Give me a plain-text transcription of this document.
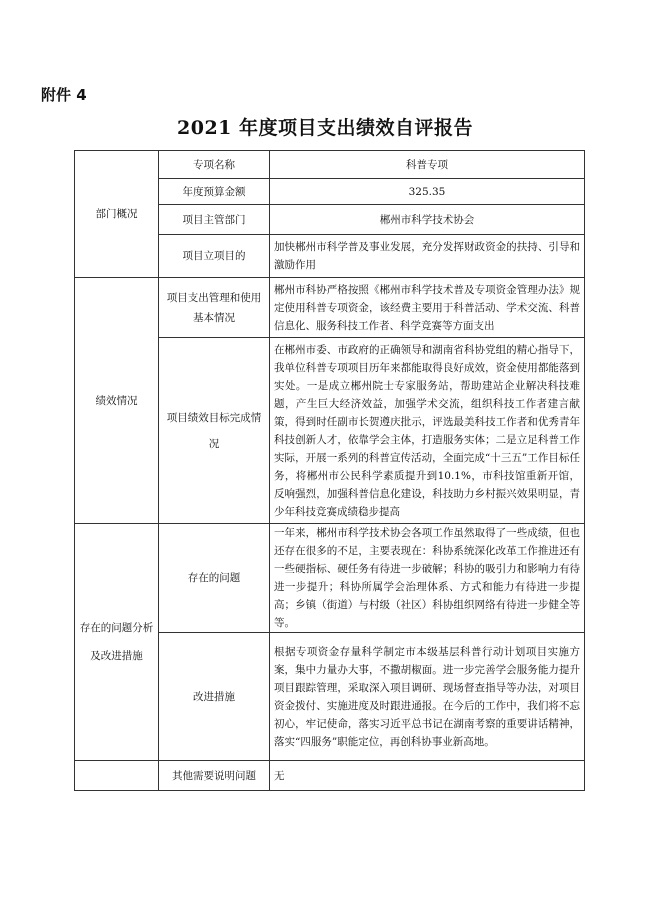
附件 4
2021 年度项目支出绩效自评报告
部门概况	专项名称	科普专项
	年度预算金额	325.35
	项目主管部门	郴州市科学技术协会
	项目立项目的	加快郴州市科学普及事业发展，充分发挥财政资金的扶持、引导和激励作用
绩效情况	项目支出管理和使用基本情况	郴州市科协严格按照《郴州市科学技术普及专项资金管理办法》规定使用科普专项资金，该经费主要用于科普活动、学术交流、科普信息化、服务科技工作者、科学竞赛等方面支出
	项目绩效目标完成情况	在郴州市委、市政府的正确领导和湖南省科协党组的精心指导下，我单位科普专项项目历年来都能取得良好成效，资金使用都能落到实处。一是成立郴州院士专家服务站，帮助建站企业解决科技难题，产生巨大经济效益，加强学术交流，组织科技工作者建言献策，得到时任副市长贺遵庆批示，评选最美科技工作者和优秀青年科技创新人才，依靠学会主体，打造服务实体；二是立足科普工作实际，开展一系列的科普宣传活动，全面完成“十三五”工作目标任务，将郴州市公民科学素质提升到10.1%，市科技馆重新开馆，反响强烈，加强科普信息化建设，科技助力乡村振兴效果明显，青少年科技竞赛成绩稳步提高
存在的问题分析及改进措施	存在的问题	一年来，郴州市科学技术协会各项工作虽然取得了一些成绩，但也还存在很多的不足，主要表现在：科协系统深化改革工作推进还有一些硬指标、硬任务有待进一步破解；科协的吸引力和影响力有待进一步提升；科协所属学会治理体系、方式和能力有待进一步提高；乡镇（街道）与村级（社区）科协组织网络有待进一步健全等等。
	改进措施	根据专项资金存量科学制定市本级基层科普行动计划项目实施方案，集中力量办大事，不撒胡椒面。进一步完善学会服务能力提升项目跟踪管理，采取深入项目调研、现场督查指导等办法，对项目资金拨付、实施进度及时跟进通报。在今后的工作中，我们将不忘初心，牢记使命，落实习近平总书记在湖南考察的重要讲话精神，落实“四服务”职能定位，再创科协事业新高地。
	其他需要说明问题	无
